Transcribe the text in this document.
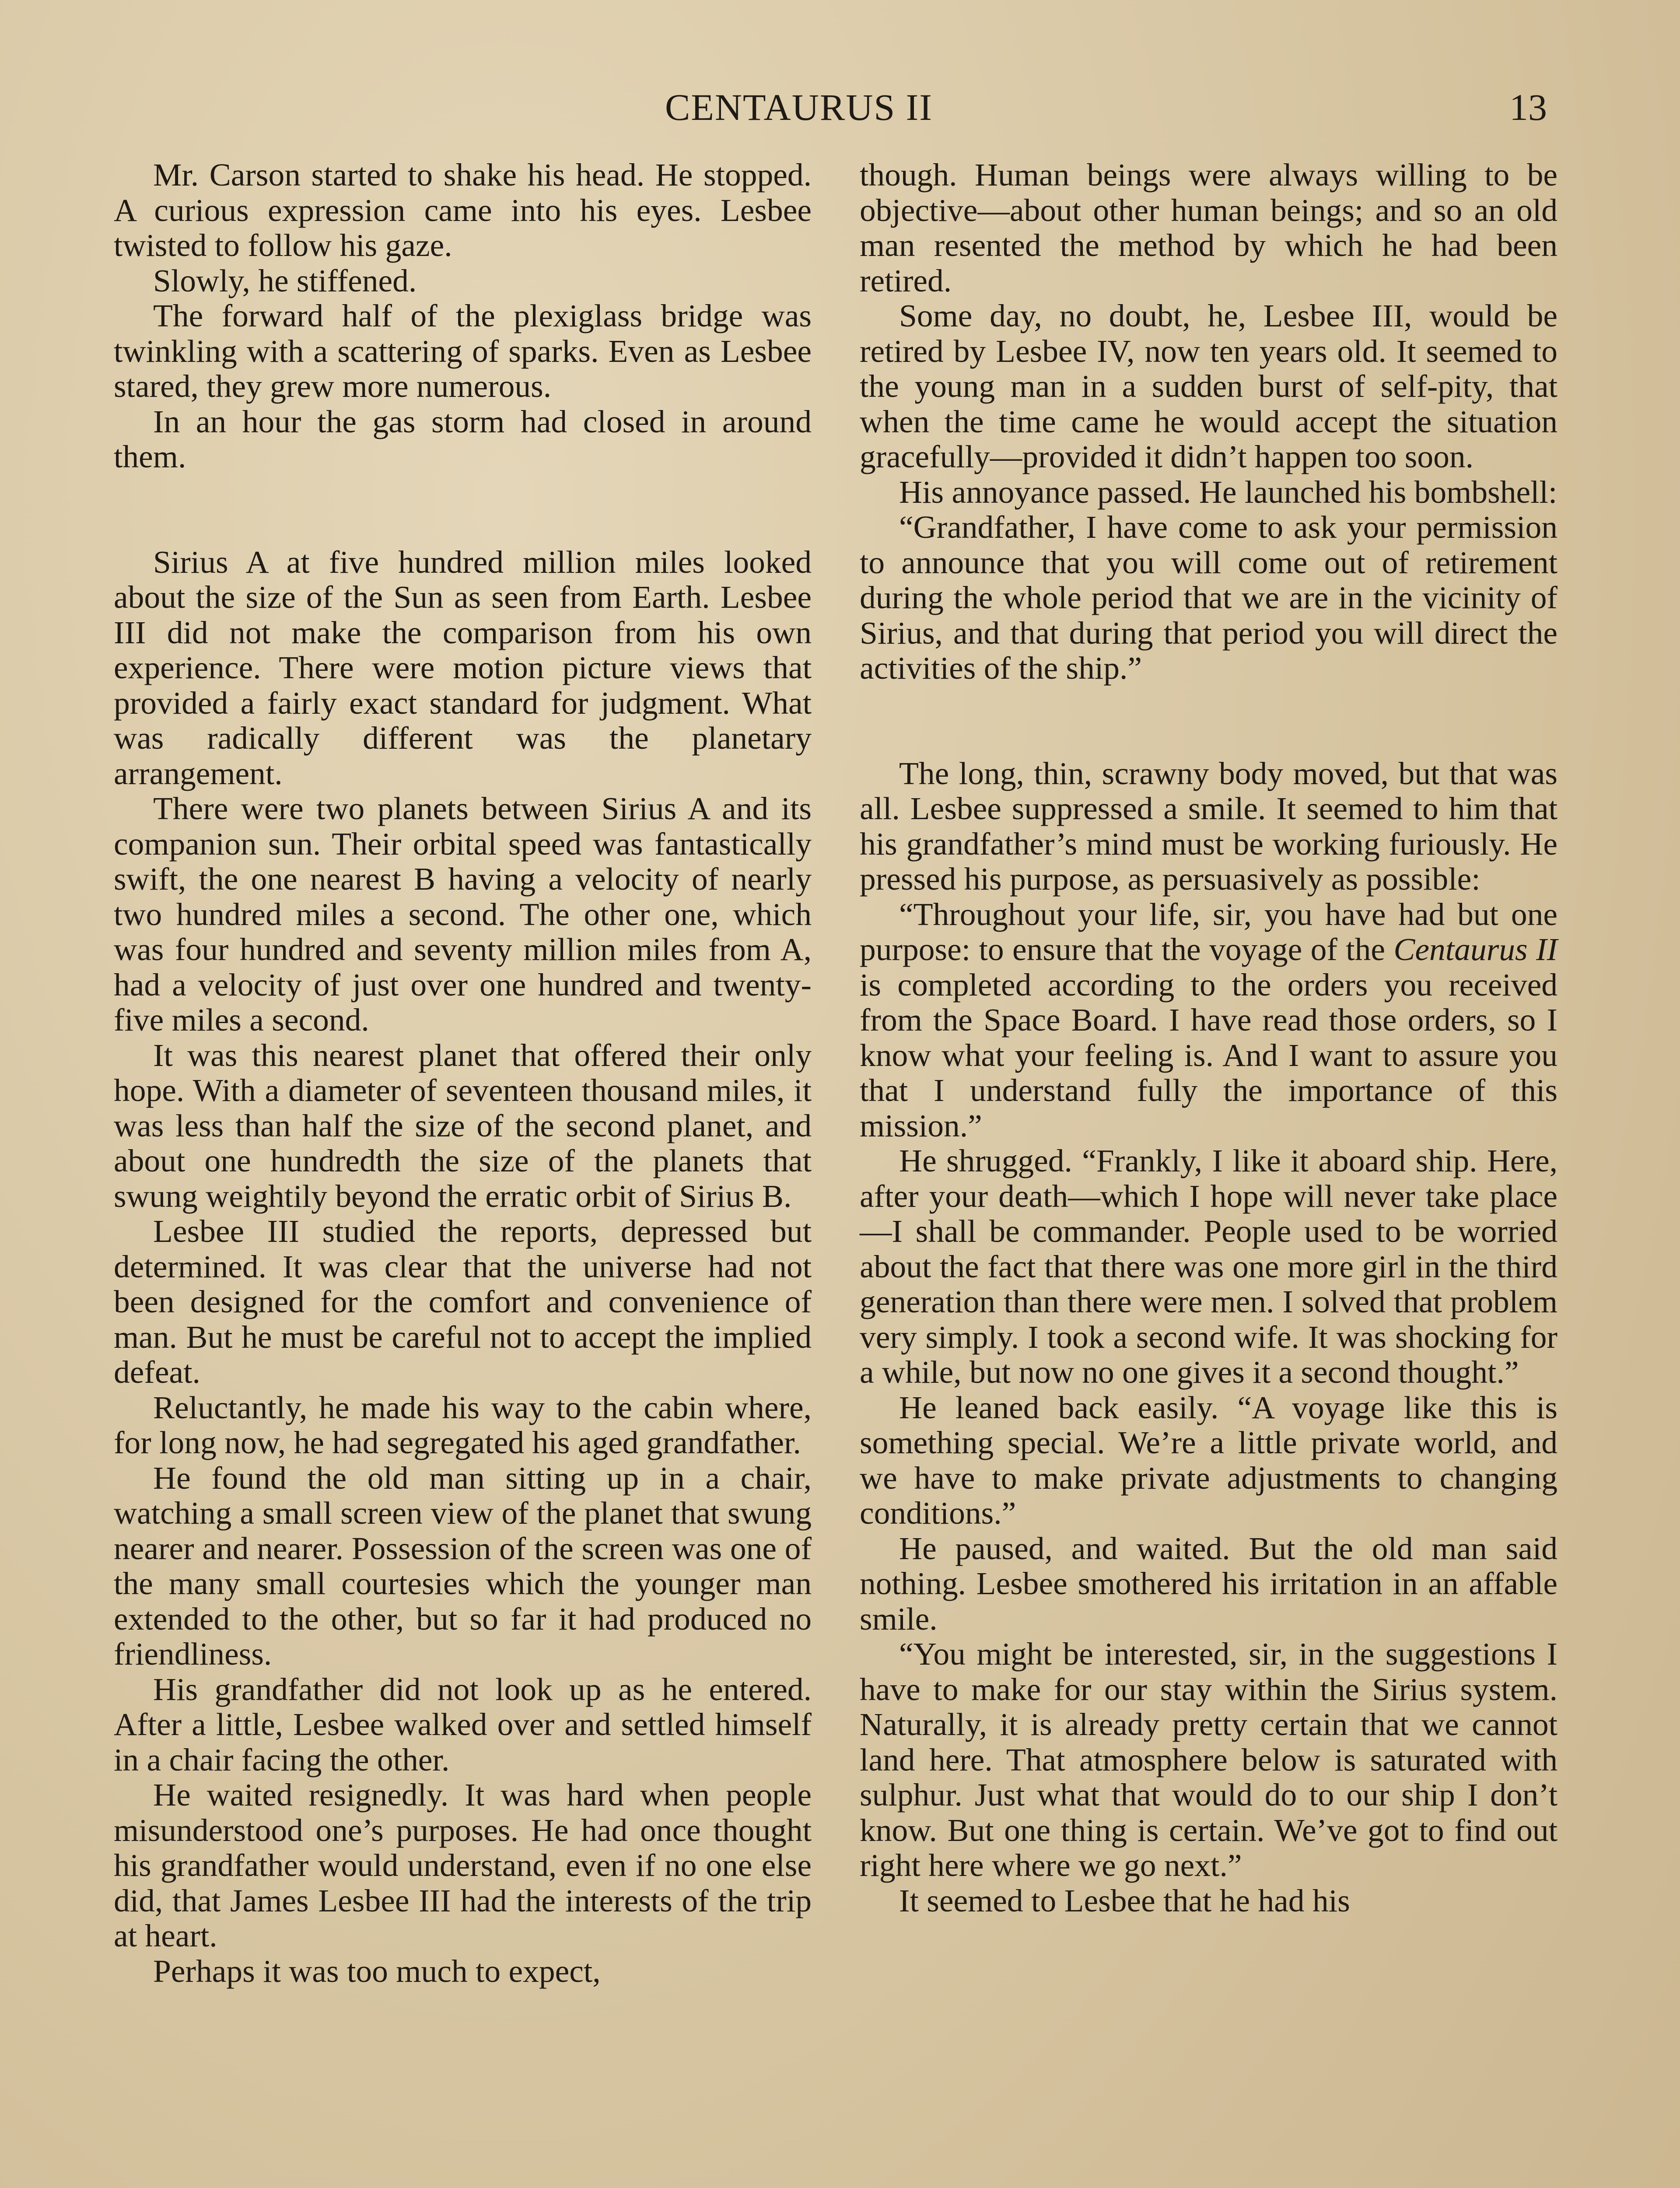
CENTAURUS II	13

Mr. Carson started to shake his head. He stopped. A curious expression came into his eyes. Lesbee twisted to follow his gaze.

Slowly, he stiffened.

The forward half of the plexiglass bridge was twinkling with a scattering of sparks. Even as Lesbee stared, they grew more numerous.

In an hour the gas storm had closed in around them.

Sirius A at five hundred million miles looked about the size of the Sun as seen from Earth. Lesbee III did not make the comparison from his own experience. There were motion picture views that provided a fairly exact standard for judgment. What was radically different was the planetary arrangement.

There were two planets between Sirius A and its companion sun. Their orbital speed was fantastically swift, the one nearest B having a velocity of nearly two hundred miles a second. The other one, which was four hundred and seventy million miles from A, had a velocity of just over one hundred and twenty-five miles a second.

It was this nearest planet that offered their only hope. With a diameter of seventeen thousand miles, it was less than half the size of the second planet, and about one hundredth the size of the planets that swung weightily beyond the erratic orbit of Sirius B.

Lesbee III studied the reports, depressed but determined. It was clear that the universe had not been designed for the comfort and convenience of man. But he must be careful not to accept the implied defeat.

Reluctantly, he made his way to the cabin where, for long now, he had segregated his aged grandfather.

He found the old man sitting up in a chair, watching a small screen view of the planet that swung nearer and nearer. Possession of the screen was one of the many small courtesies which the younger man extended to the other, but so far it had produced no friendliness.

His grandfather did not look up as he entered. After a little, Lesbee walked over and settled himself in a chair facing the other.

He waited resignedly. It was hard when people misunderstood one’s purposes. He had once thought his grandfather would understand, even if no one else did, that James Lesbee III had the interests of the trip at heart.

Perhaps it was too much to expect,

though. Human beings were always willing to be objective—about other human beings; and so an old man resented the method by which he had been retired.

Some day, no doubt, he, Lesbee III, would be retired by Lesbee IV, now ten years old. It seemed to the young man in a sudden burst of self-pity, that when the time came he would accept the situation gracefully—provided it didn’t happen too soon.

His annoyance passed. He launched his bombshell:

“Grandfather, I have come to ask your permission to announce that you will come out of retirement during the whole period that we are in the vicinity of Sirius, and that during that period you will direct the activities of the ship.”

The long, thin, scrawny body moved, but that was all. Lesbee suppressed a smile. It seemed to him that his grandfather’s mind must be working furiously. He pressed his purpose, as persuasively as possible:

“Throughout your life, sir, you have had but one purpose: to ensure that the voyage of the Centaurus II is completed according to the orders you received from the Space Board. I have read those orders, so I know what your feeling is. And I want to assure you that I understand fully the importance of this mission.”

He shrugged. “Frankly, I like it aboard ship. Here, after your death—which I hope will never take place—I shall be commander. People used to be worried about the fact that there was one more girl in the third generation than there were men. I solved that problem very simply. I took a second wife. It was shocking for a while, but now no one gives it a second thought.”

He leaned back easily. “A voyage like this is something special. We’re a little private world, and we have to make private adjustments to changing conditions.”

He paused, and waited. But the old man said nothing. Lesbee smothered his irritation in an affable smile.

“You might be interested, sir, in the suggestions I have to make for our stay within the Sirius system. Naturally, it is already pretty certain that we cannot land here. That atmosphere below is saturated with sulphur. Just what that would do to our ship I don’t know. But one thing is certain. We’ve got to find out right here where we go next.”

It seemed to Lesbee that he had his
